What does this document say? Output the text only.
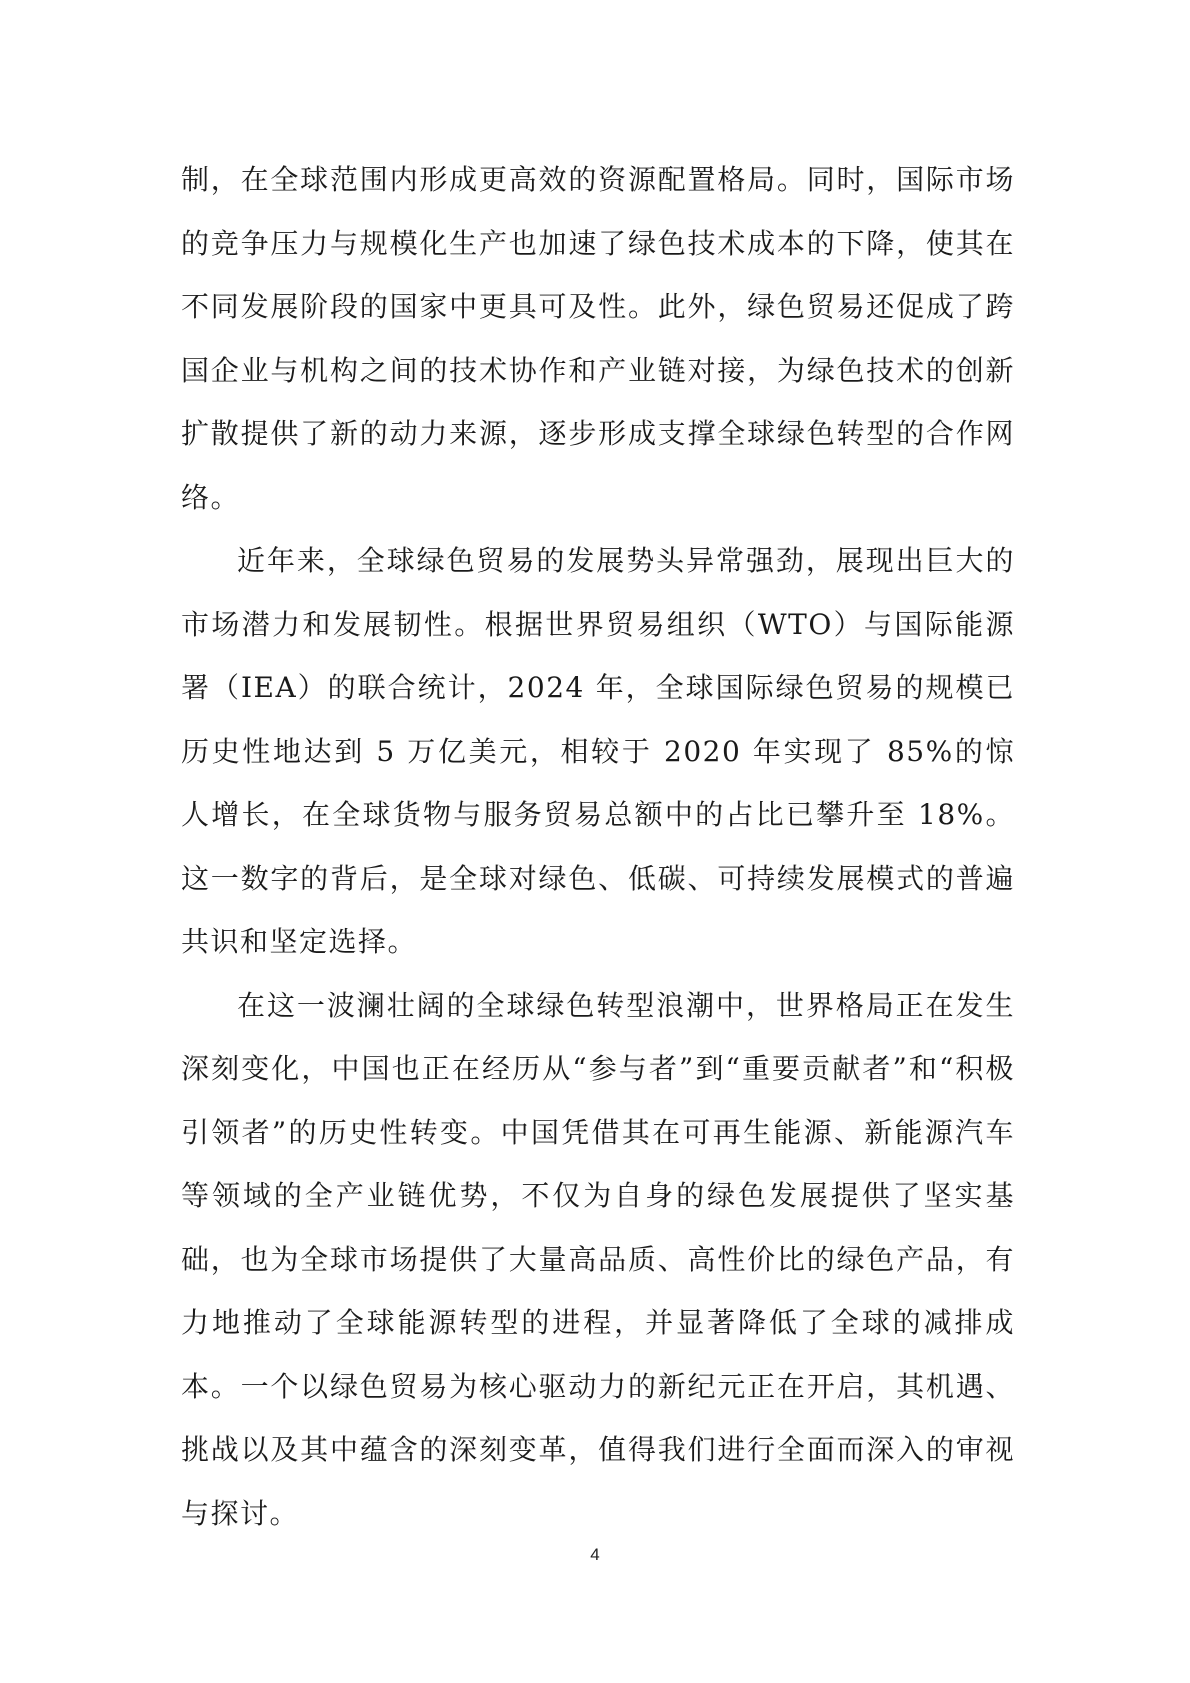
制，在全球范围内形成更高效的资源配置格局。同时，国际市场的竞争压力与规模化生产也加速了绿色技术成本的下降，使其在不同发展阶段的国家中更具可及性。此外，绿色贸易还促成了跨国企业与机构之间的技术协作和产业链对接，为绿色技术的创新扩散提供了新的动力来源，逐步形成支撑全球绿色转型的合作网络。

近年来，全球绿色贸易的发展势头异常强劲，展现出巨大的市场潜力和发展韧性。根据世界贸易组织（WTO）与国际能源署（IEA）的联合统计，2024 年，全球国际绿色贸易的规模已历史性地达到 5 万亿美元，相较于 2020 年实现了 85%的惊人增长，在全球货物与服务贸易总额中的占比已攀升至 18%。这一数字的背后，是全球对绿色、低碳、可持续发展模式的普遍共识和坚定选择。

在这一波澜壮阔的全球绿色转型浪潮中，世界格局正在发生深刻变化，中国也正在经历从“参与者”到“重要贡献者”和“积极引领者”的历史性转变。中国凭借其在可再生能源、新能源汽车等领域的全产业链优势，不仅为自身的绿色发展提供了坚实基础，也为全球市场提供了大量高品质、高性价比的绿色产品，有力地推动了全球能源转型的进程，并显著降低了全球的减排成本。一个以绿色贸易为核心驱动力的新纪元正在开启，其机遇、挑战以及其中蕴含的深刻变革，值得我们进行全面而深入的审视与探讨。

4
